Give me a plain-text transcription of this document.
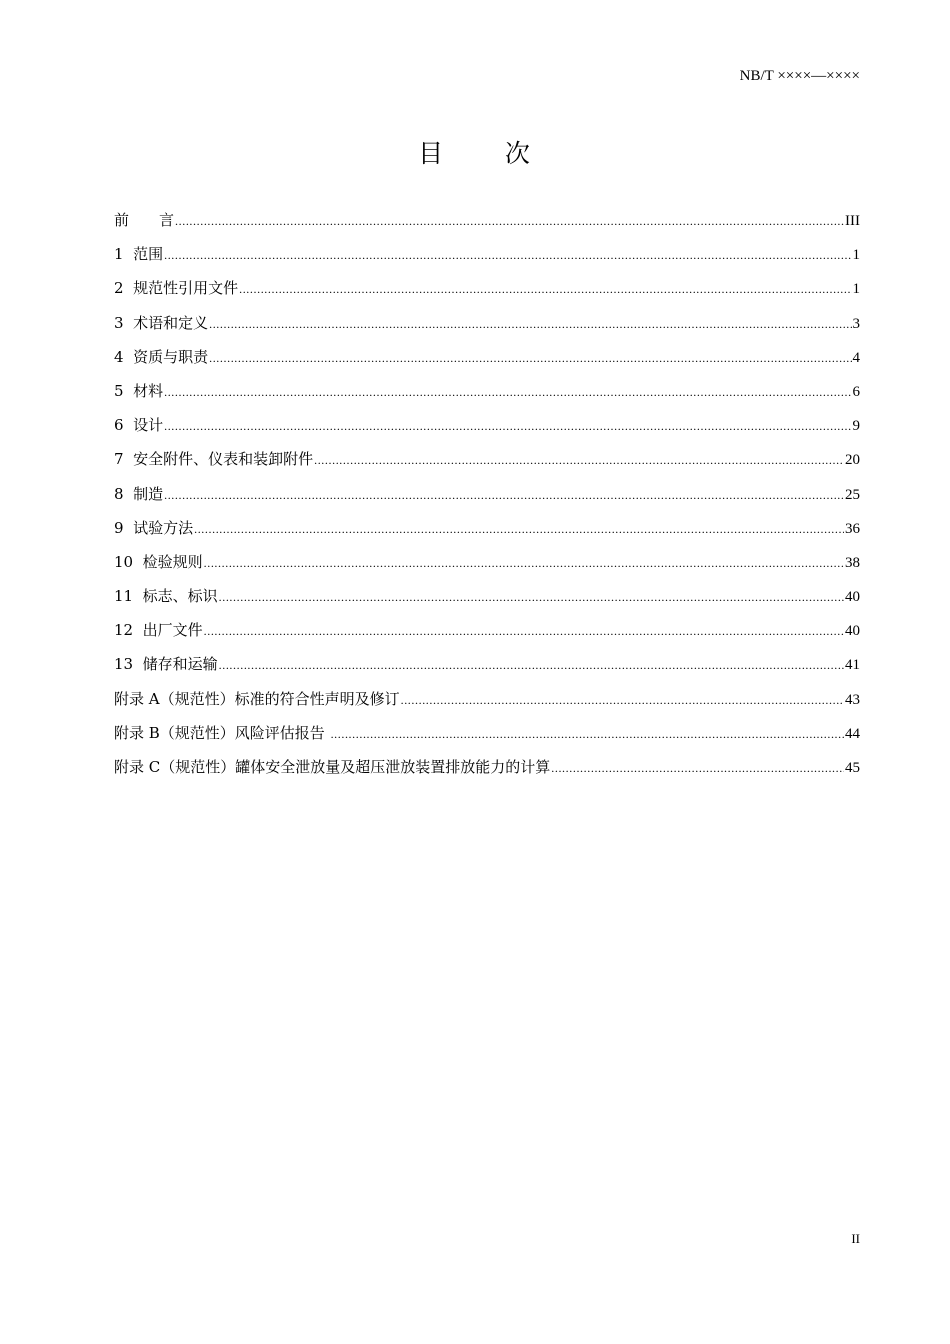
NB/T ××××—××××
目      次
前　　言 .....	III
1  范围 .....	1
2  规范性引用文件 .....	1
3  术语和定义 .....	3
4  资质与职责 .....	4
5  材料 .....	6
6  设计 .....	9
7  安全附件、仪表和装卸附件 .....	20
8  制造 .....	25
9  试验方法 .....	36
10  检验规则 .....	38
11  标志、标识 .....	40
12  出厂文件 .....	40
13  储存和运输 .....	41
附录 A（规范性）标准的符合性声明及修订 .....	43
附录 B（规范性）风险评估报告 .....	44
附录 C（规范性）罐体安全泄放量及超压泄放装置排放能力的计算 .....	45
II
